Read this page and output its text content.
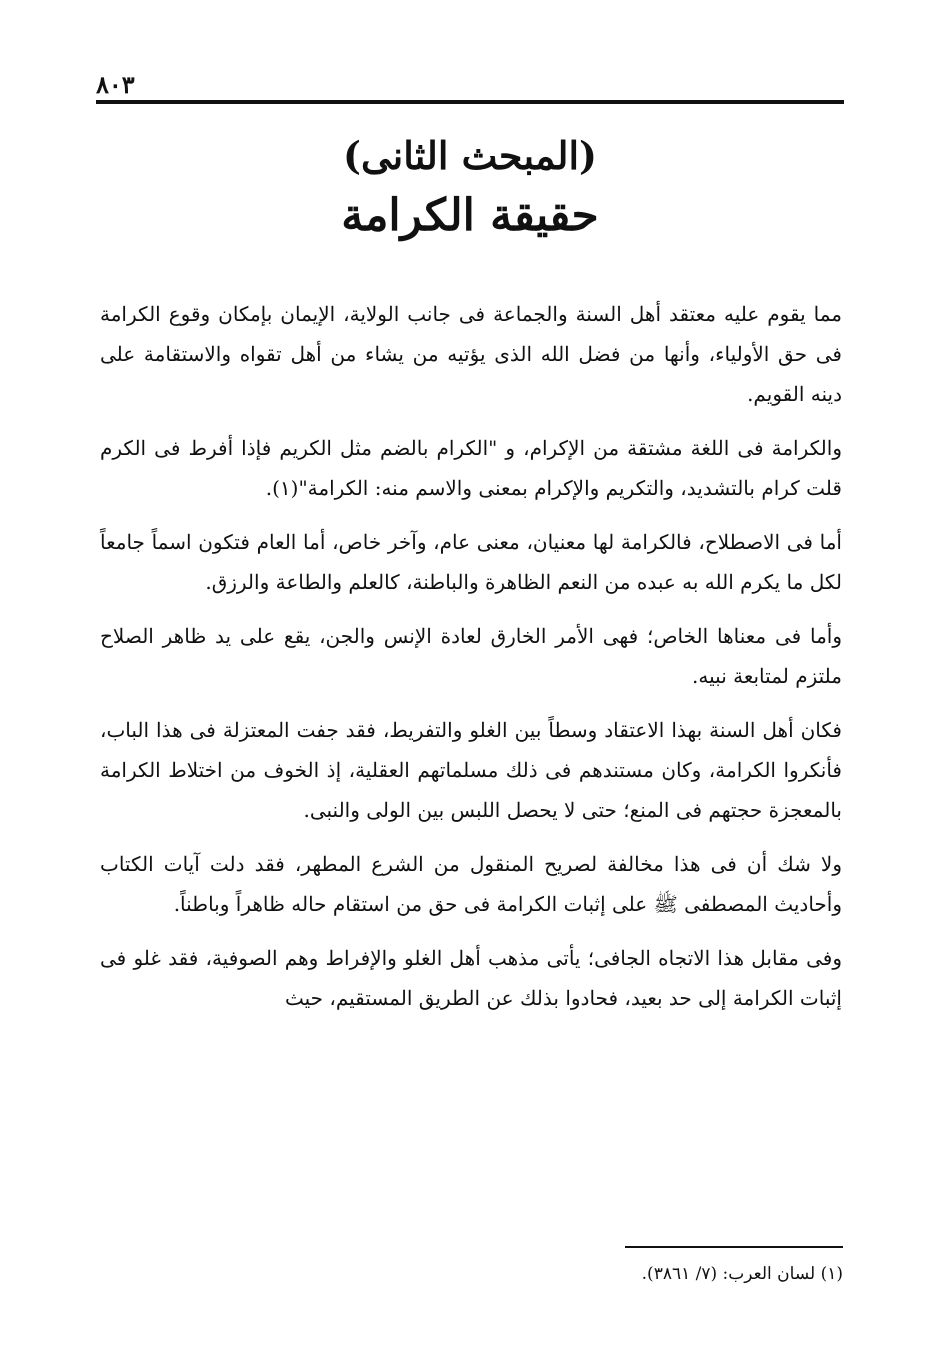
٨٠٣
(المبحث الثانى)
حقيقة الكرامة

مما يقوم عليه معتقد أهل السنة والجماعة فى جانب الولاية، الإيمان بإمكان وقوع الكرامة فى حق الأولياء، وأنها من فضل الله الذى يؤتيه من يشاء من أهل تقواه والاستقامة على دينه القويم.

والكرامة فى اللغة مشتقة من الإكرام، و "الكرام بالضم مثل الكريم فإذا أفرط فى الكرم قلت كرام بالتشديد، والتكريم والإكرام بمعنى والاسم منه: الكرامة"(١).

أما فى الاصطلاح، فالكرامة لها معنيان، معنى عام، وآخر خاص، أما العام فتكون اسماً جامعاً لكل ما يكرم الله به عبده من النعم الظاهرة والباطنة، كالعلم والطاعة والرزق.

وأما فى معناها الخاص؛ فهى الأمر الخارق لعادة الإنس والجن، يقع على يد ظاهر الصلاح ملتزم لمتابعة نبيه.

فكان أهل السنة بهذا الاعتقاد وسطاً بين الغلو والتفريط، فقد جفت المعتزلة فى هذا الباب، فأنكروا الكرامة، وكان مستندهم فى ذلك مسلماتهم العقلية، إذ الخوف من اختلاط الكرامة بالمعجزة حجتهم فى المنع؛ حتى لا يحصل اللبس بين الولى والنبى.

ولا شك أن فى هذا مخالفة لصريح المنقول من الشرع المطهر، فقد دلت آيات الكتاب وأحاديث المصطفى ﷺ على إثبات الكرامة فى حق من استقام حاله ظاهراً وباطناً.

وفى مقابل هذا الاتجاه الجافى؛ يأتى مذهب أهل الغلو والإفراط وهم الصوفية، فقد غلو فى إثبات الكرامة إلى حد بعيد، فحادوا بذلك عن الطريق المستقيم، حيث

(١) لسان العرب: (٧/ ٣٨٦١).
